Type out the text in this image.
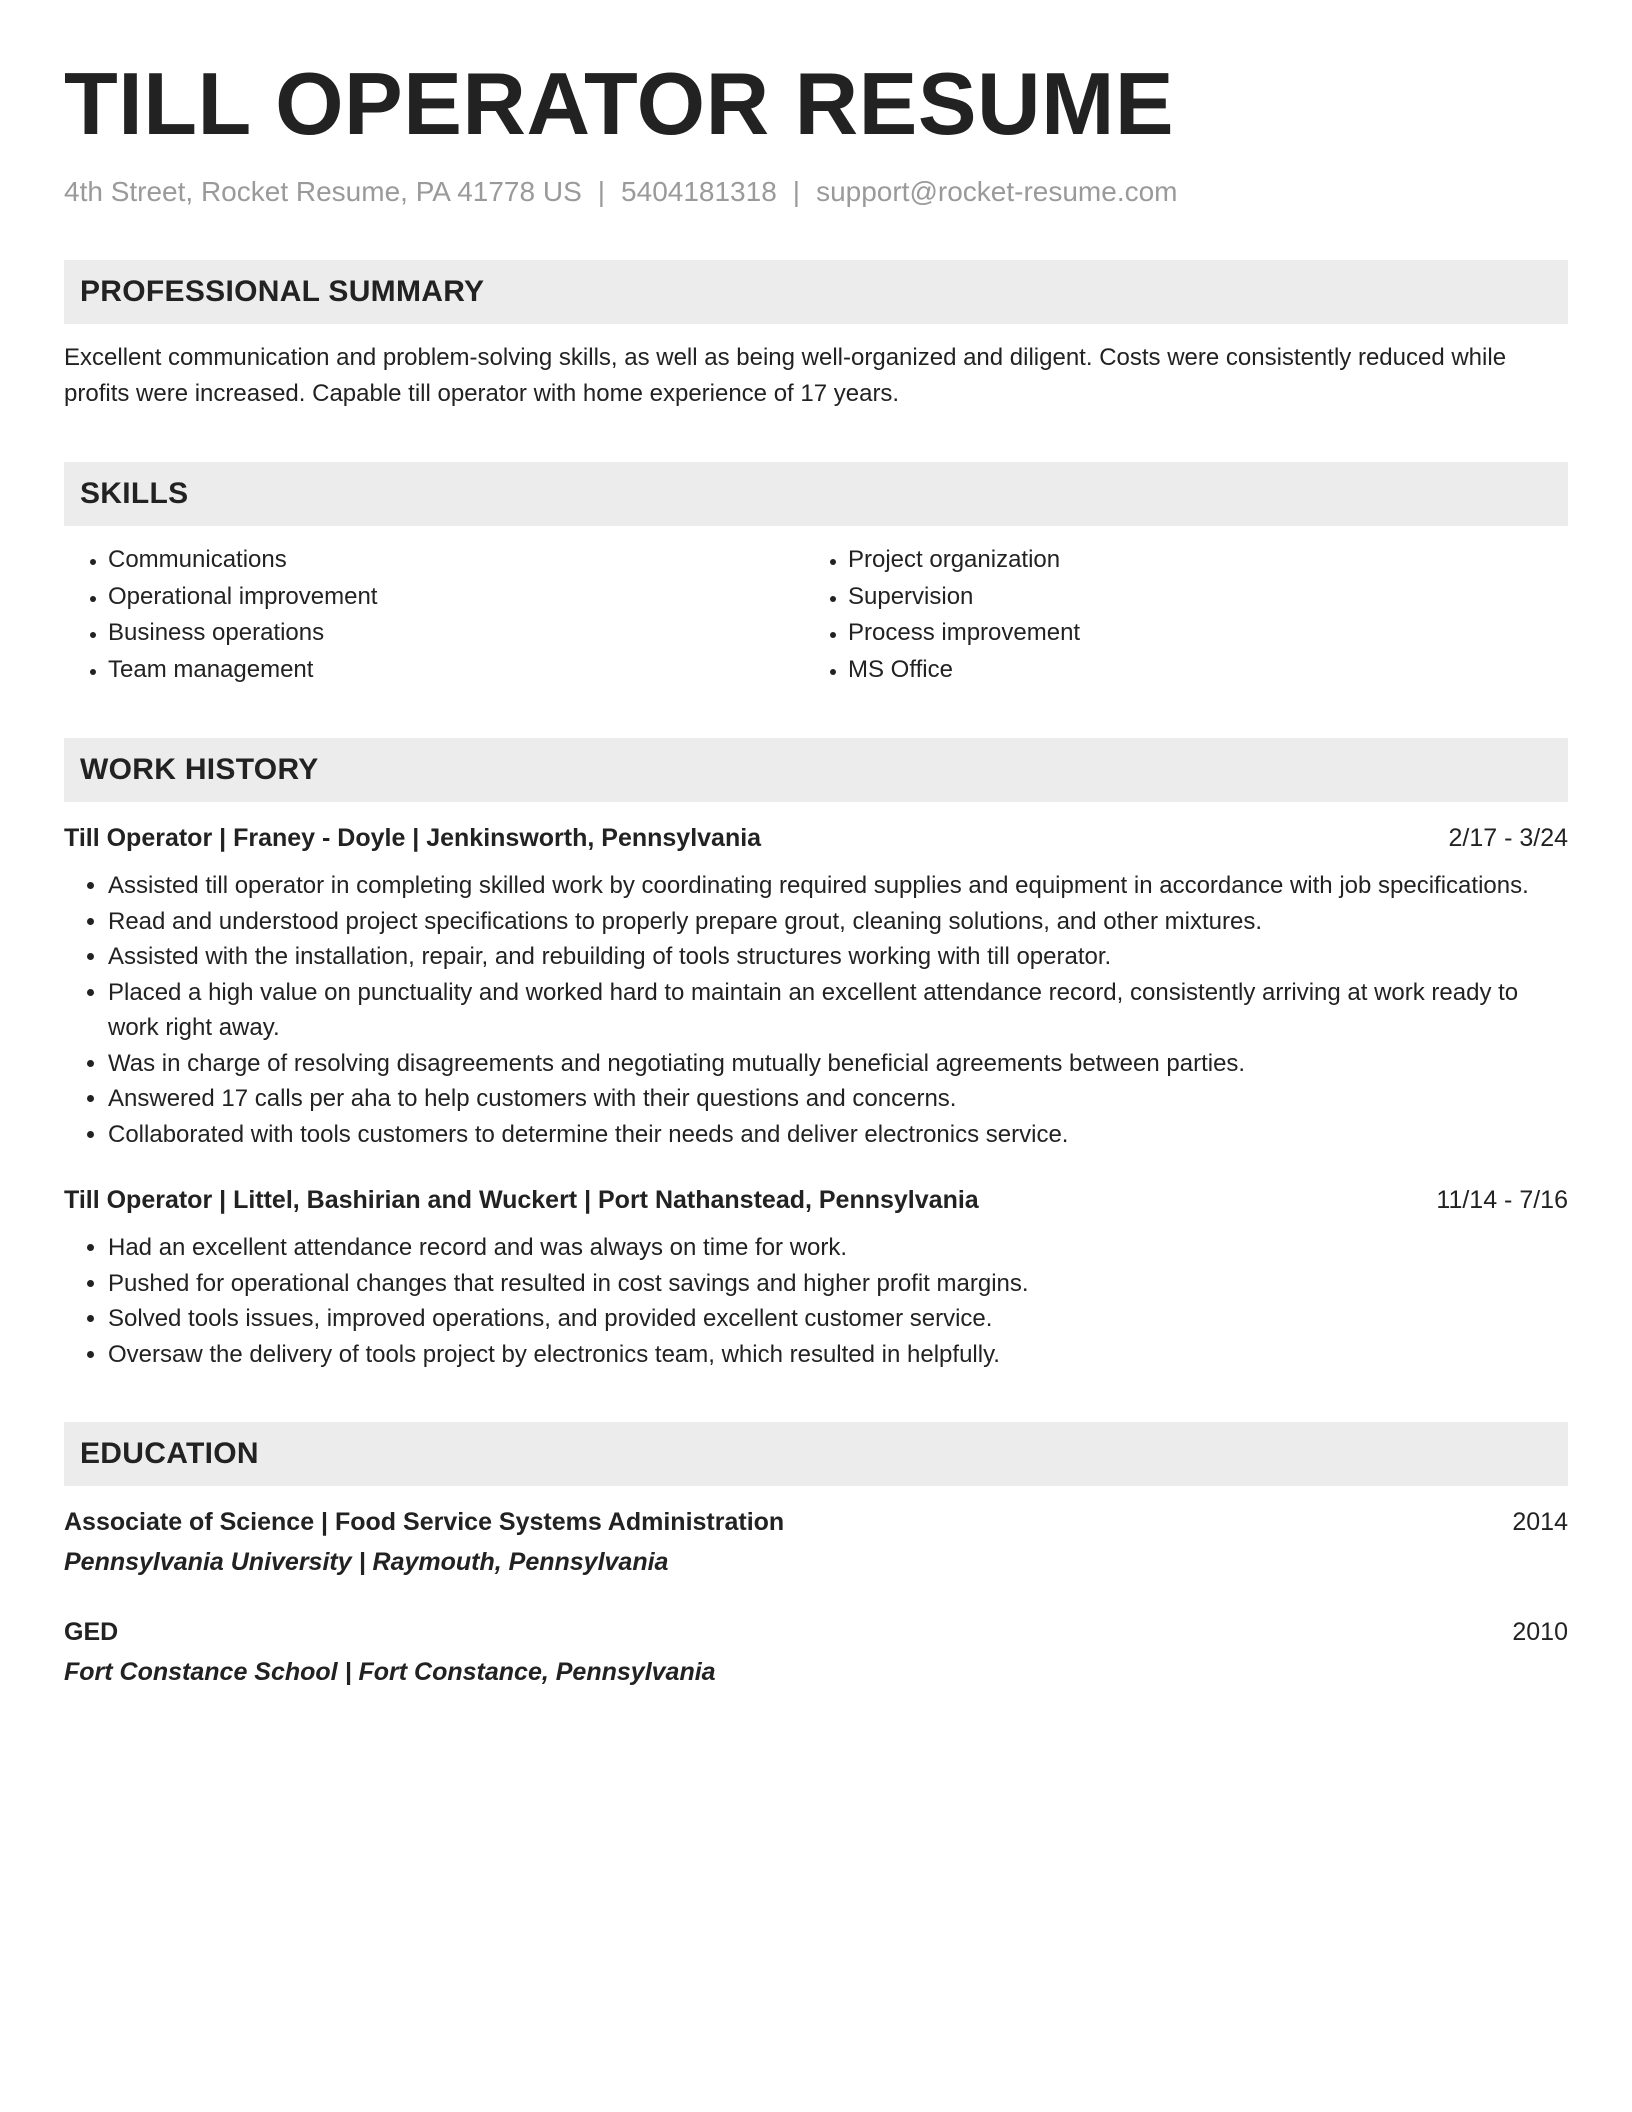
TILL OPERATOR RESUME
4th Street, Rocket Resume, PA 41778 US | 5404181318 | support@rocket-resume.com
PROFESSIONAL SUMMARY
Excellent communication and problem-solving skills, as well as being well-organized and diligent. Costs were consistently reduced while profits were increased. Capable till operator with home experience of 17 years.
SKILLS
• Communications
• Operational improvement
• Business operations
• Team management
• Project organization
• Supervision
• Process improvement
• MS Office
WORK HISTORY
Till Operator | Franey - Doyle | Jenkinsworth, Pennsylvania	2/17 - 3/24
• Assisted till operator in completing skilled work by coordinating required supplies and equipment in accordance with job specifications.
• Read and understood project specifications to properly prepare grout, cleaning solutions, and other mixtures.
• Assisted with the installation, repair, and rebuilding of tools structures working with till operator.
• Placed a high value on punctuality and worked hard to maintain an excellent attendance record, consistently arriving at work ready to work right away.
• Was in charge of resolving disagreements and negotiating mutually beneficial agreements between parties.
• Answered 17 calls per aha to help customers with their questions and concerns.
• Collaborated with tools customers to determine their needs and deliver electronics service.
Till Operator | Littel, Bashirian and Wuckert | Port Nathanstead, Pennsylvania	11/14 - 7/16
• Had an excellent attendance record and was always on time for work.
• Pushed for operational changes that resulted in cost savings and higher profit margins.
• Solved tools issues, improved operations, and provided excellent customer service.
• Oversaw the delivery of tools project by electronics team, which resulted in helpfully.
EDUCATION
Associate of Science | Food Service Systems Administration	2014
Pennsylvania University | Raymouth, Pennsylvania
GED	2010
Fort Constance School | Fort Constance, Pennsylvania
